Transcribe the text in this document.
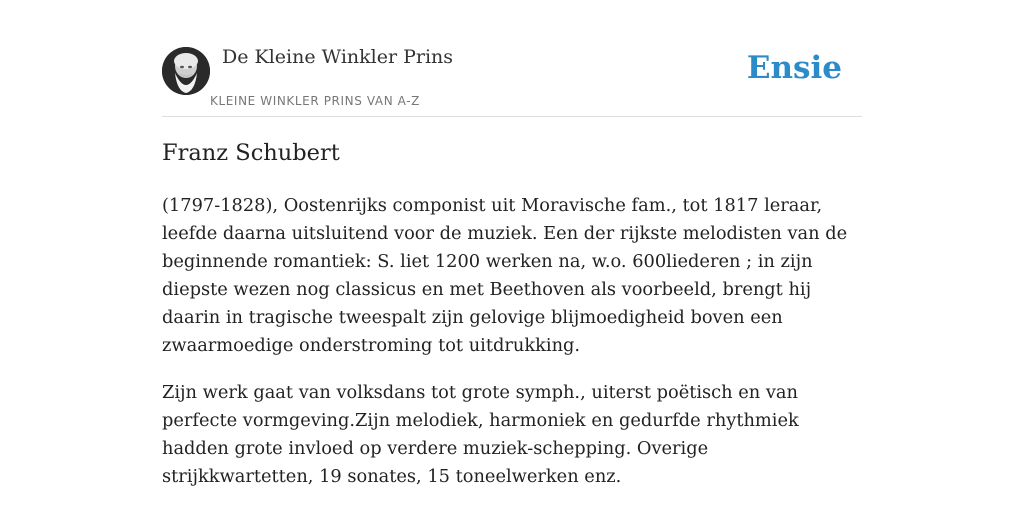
De Kleine Winkler Prins
KLEINE WINKLER PRINS VAN A-Z
Ensie
Franz Schubert

(1797-1828), Oostenrijks componist uit Moravische fam., tot 1817 leraar, leefde daarna uitsluitend voor de muziek. Een der rijkste melodisten van de beginnende romantiek: S. liet 1200 werken na, w.o. 600liederen ; in zijn diepste wezen nog classicus en met Beethoven als voorbeeld, brengt hij daarin in tragische tweespalt zijn gelovige blijmoedigheid boven een zwaarmoedige onderstroming tot uitdrukking.

Zijn werk gaat van volksdans tot grote symph., uiterst poëtisch en van perfecte vormgeving.Zijn melodiek, harmoniek en gedurfde rhythmiek hadden grote invloed op verdere muziek-schepping. Overige strijkkwartetten, 19 sonates, 15 toneelwerken enz.
